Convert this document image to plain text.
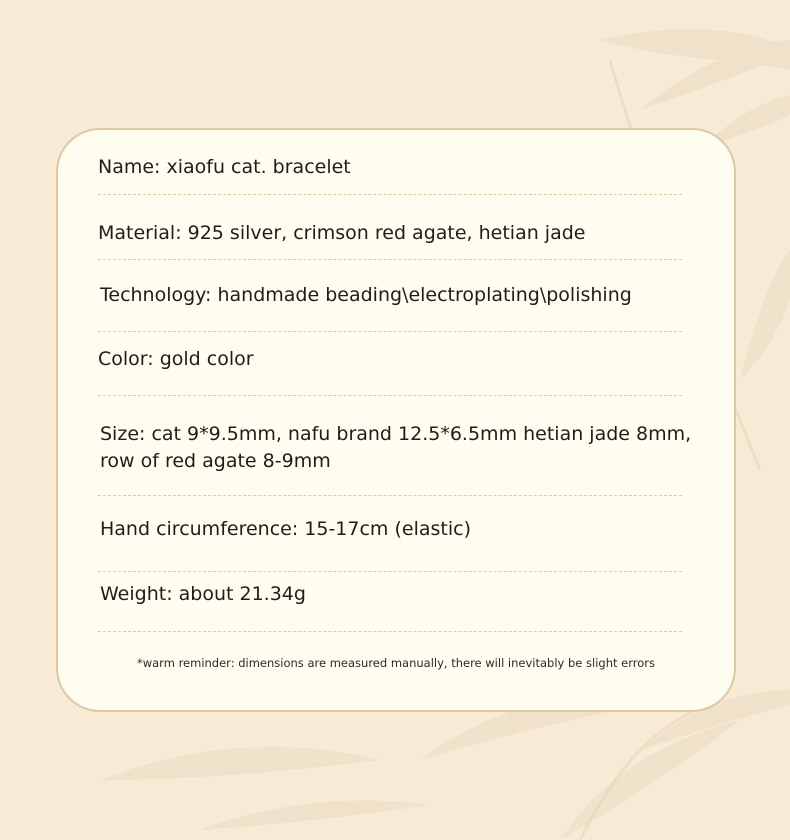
Name: xiaofu cat. bracelet
Material: 925 silver, crimson red agate, hetian jade
Technology: handmade beading\electroplating\polishing
Color: gold color
Size: cat 9*9.5mm, nafu brand 12.5*6.5mm hetian jade 8mm,
row of red agate 8-9mm
Hand circumference: 15-17cm (elastic)
Weight: about 21.34g
*warm reminder: dimensions are measured manually, there will inevitably be slight errors
